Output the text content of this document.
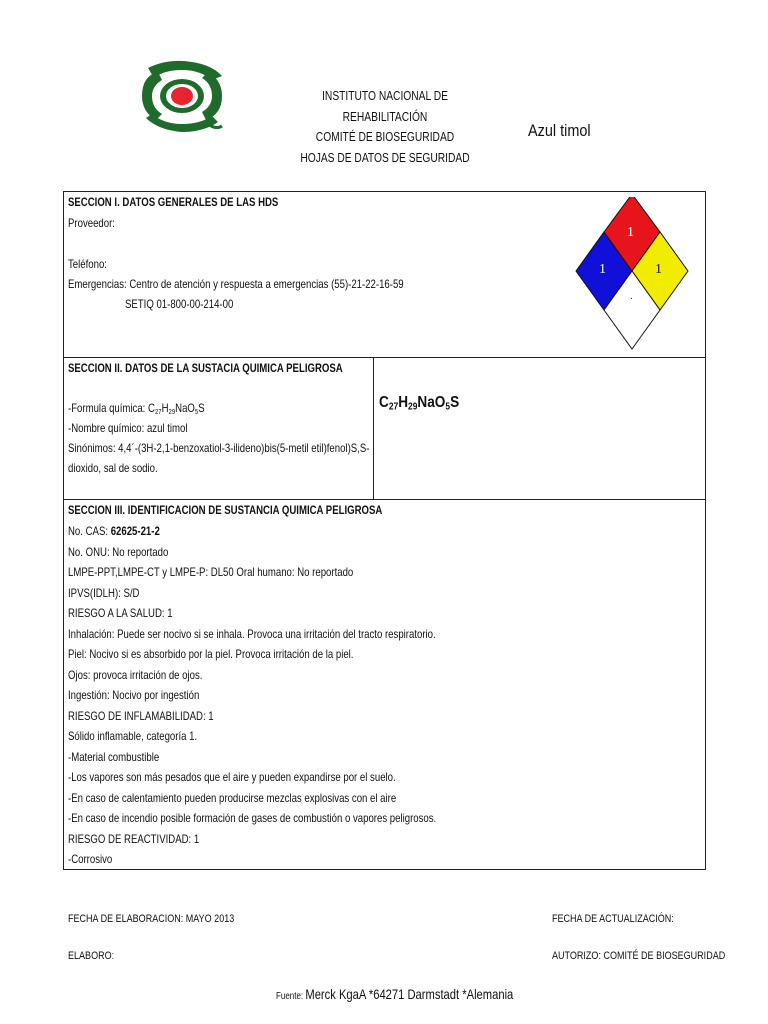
INSTITUTO NACIONAL DE REHABILITACIÓN
COMITÉ DE BIOSEGURIDAD
HOJAS DE DATOS DE SEGURIDAD
Azul timol
SECCION I. DATOS GENERALES DE LAS HDS
Proveedor:
Teléfono:
Emergencias: Centro de atención y respuesta a emergencias (55)-21-22-16-59
SETIQ 01-800-00-214-00
1
1	1
.
SECCION II. DATOS DE LA SUSTACIA QUIMICA PELIGROSA
-Formula química: $C_{27}H_{29}NaO_5S$
-Nombre químico: azul timol
Sinónimos: 4,4´-(3H-2,1-benzoxatiol-3-ilideno)bis(5-metil etil)fenol)S,S-
dioxido, sal de sodio.
$C_{27}H_{29}NaO_5S$
SECCION III. IDENTIFICACION DE SUSTANCIA QUIMICA PELIGROSA
No. CAS: 62625-21-2
No. ONU: No reportado
LMPE-PPT,LMPE-CT y LMPE-P: DL50 Oral humano: No reportado
IPVS(IDLH): S/D
RIESGO A LA SALUD: 1
Inhalación: Puede ser nocivo si se inhala. Provoca una irritación del tracto respiratorio.
Piel: Nocivo si es absorbido por la piel. Provoca irritación de la piel.
Ojos: provoca irritación de ojos.
Ingestión: Nocivo por ingestión
RIESGO DE INFLAMABILIDAD: 1
Sólido inflamable, categoría 1.
-Material combustible
-Los vapores son más pesados que el aire y pueden expandirse por el suelo.
-En caso de calentamiento pueden producirse mezclas explosivas con el aire
-En caso de incendio posible formación de gases de combustión o vapores peligrosos.
RIESGO DE REACTIVIDAD: 1
-Corrosivo
FECHA DE ELABORACION: MAYO 2013	FECHA DE ACTUALIZACIÓN:
ELABORO:	AUTORIZO: COMITÉ DE BIOSEGURIDAD
Fuente: Merck KgaA *64271 Darmstadt *Alemania
